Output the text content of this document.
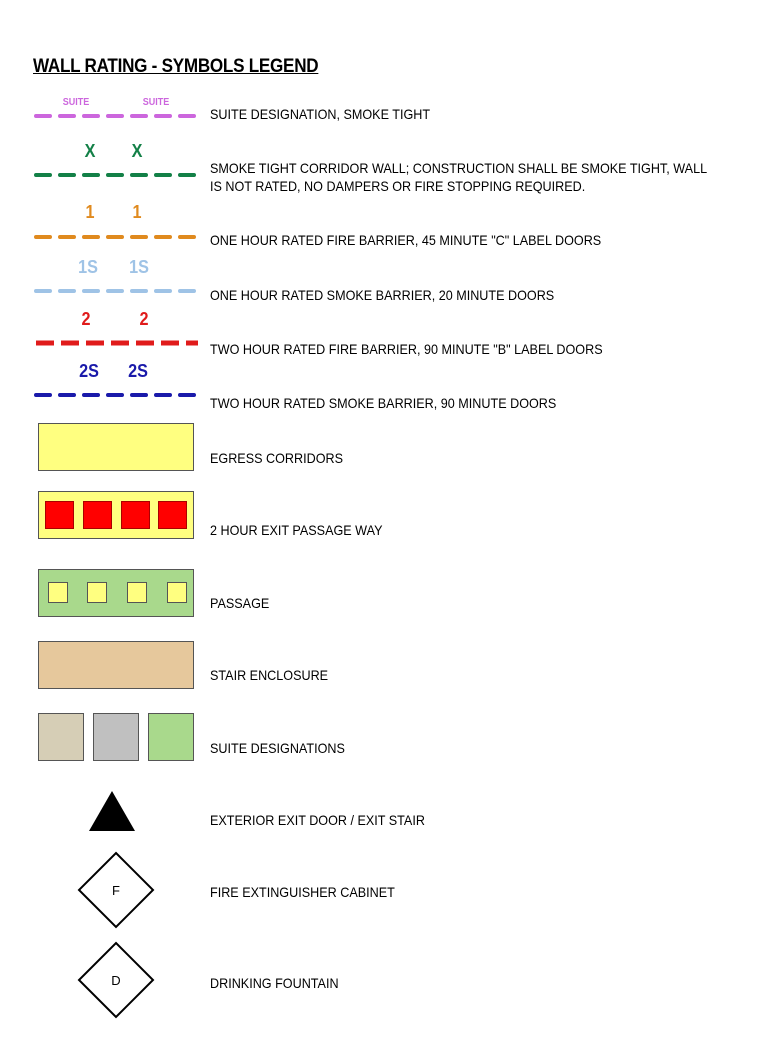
WALL RATING - SYMBOLS LEGEND
SUITE	SUITE
SUITE DESIGNATION, SMOKE TIGHT
X	X
SMOKE TIGHT CORRIDOR WALL; CONSTRUCTION SHALL BE SMOKE TIGHT, WALL
IS NOT RATED, NO DAMPERS OR FIRE STOPPING REQUIRED.
1	1
ONE HOUR RATED FIRE BARRIER, 45 MINUTE "C" LABEL DOORS
1S	1S
ONE HOUR RATED SMOKE BARRIER, 20 MINUTE DOORS
2	2
TWO HOUR RATED FIRE BARRIER, 90 MINUTE "B" LABEL DOORS
2S	2S
TWO HOUR RATED SMOKE BARRIER, 90 MINUTE DOORS
EGRESS CORRIDORS
2 HOUR EXIT PASSAGE WAY
PASSAGE
STAIR ENCLOSURE
SUITE DESIGNATIONS
EXTERIOR EXIT DOOR / EXIT STAIR
F	FIRE EXTINGUISHER CABINET
D	DRINKING FOUNTAIN
